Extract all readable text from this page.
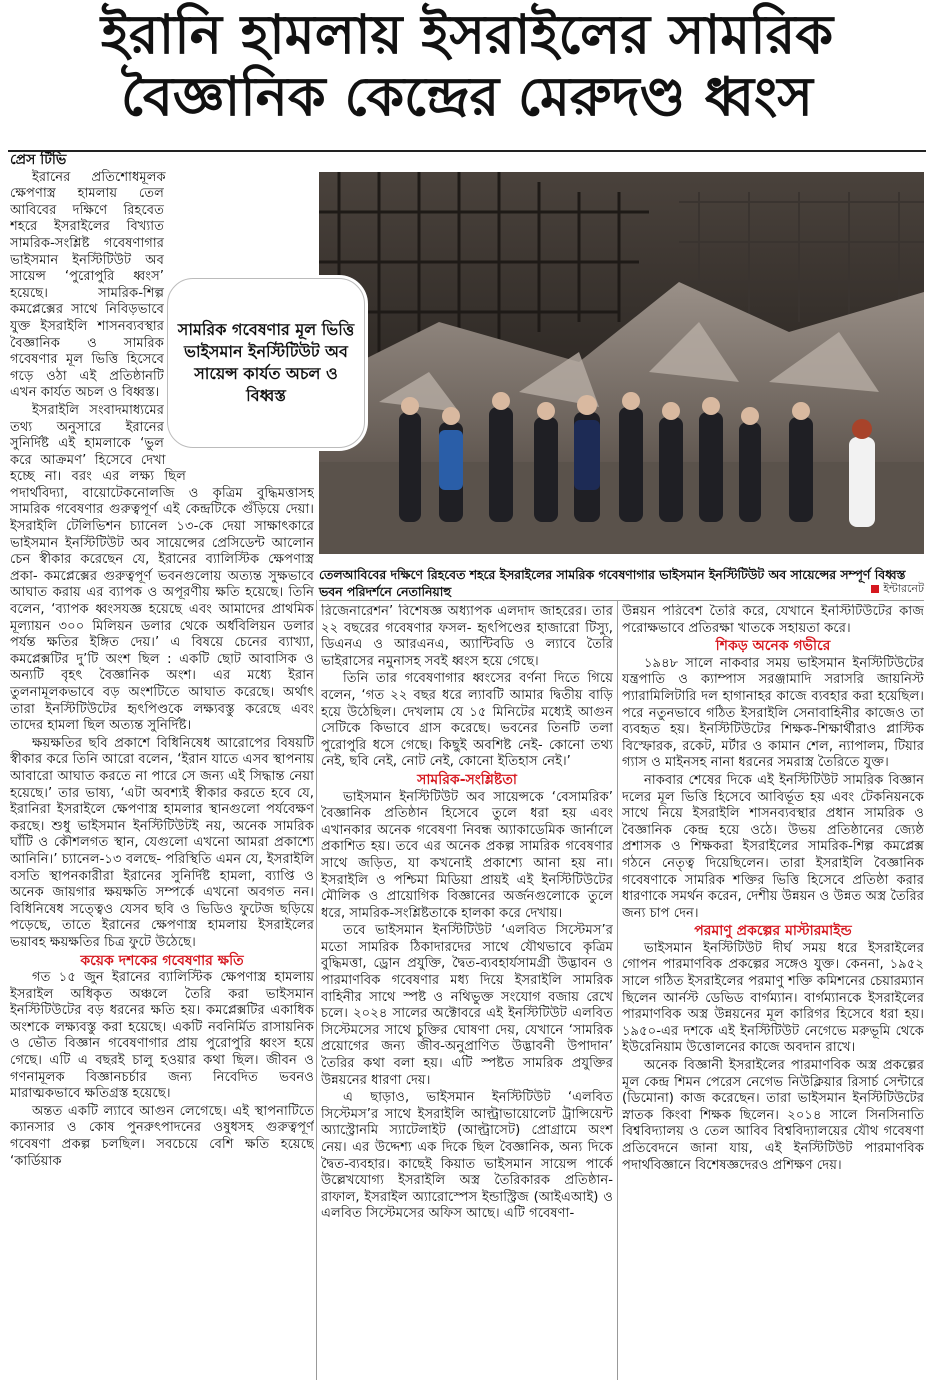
ইরানি হামলায় ইসরাইলের সামরিক
বৈজ্ঞানিক কেন্দ্রের মেরুদণ্ড ধ্বংস

প্রেস টিভি

ইরানের প্রতিশোধমূলক ক্ষেপণাস্ত্র হামলায় তেল আবিবের দক্ষিণে রিহবেত শহরে ইসরাইলের বিখ্যাত সামরিক-সংশ্লিষ্ট গবেষণাগার ভাইসমান ইনস্টিটিউট অব সায়েন্স ‘পুরোপুরি ধ্বংস’ হয়েছে। সামরিক-শিল্প কমপ্লেক্সের সাথে নিবিড়ভাবে যুক্ত ইসরাইলি শাসনব্যবস্থার বৈজ্ঞানিক ও সামরিক গবেষণার মূল ভিত্তি হিসেবে গড়ে ওঠা এই প্রতিষ্ঠানটি এখন কার্যত অচল ও বিধ্বস্ত।

ইসরাইলি সংবাদমাধ্যমের তথ্য অনুসারে ইরানের সুনির্দিষ্ট এই হামলাকে ‘ভুল করে আক্রমণ’ হিসেবে দেখা হচ্ছে না। বরং এর লক্ষ্য ছিল পদার্থবিদ্যা, বায়োটেকনোলজি ও কৃত্রিম বুদ্ধিমত্তাসহ সামরিক গবেষণার গুরুত্বপূর্ণ এই কেন্দ্রটিকে গুঁড়িয়ে দেয়া। ইসরাইলি টেলিভিশন চ্যানেল ১৩-কে দেয়া সাক্ষাৎকারে ভাইসমান ইনস্টিটিউট অব সায়েন্সের প্রেসিডেন্ট আলোন চেন স্বীকার করেছেন যে, ইরানের ব্যালিস্টিক ক্ষেপণাস্ত্র প্রকা- কমপ্লেক্সের গুরুত্বপূর্ণ ভবনগুলোয় অত্যন্ত সুক্ষভাবে আঘাত করায় এর ব্যাপক ও অপূরণীয় ক্ষতি হয়েছে। তিনি বলেন, ‘ব্যাপক ধ্বংসযজ্ঞ হয়েছে এবং আমাদের প্রাথমিক মূল্যায়ন ৩০০ মিলিয়ন ডলার থেকে অর্ধবিলিয়ন ডলার পর্যন্ত ক্ষতির ইঙ্গিত দেয়।’ এ বিষয়ে চেনের ব্যাখ্যা, কমপ্লেক্সটির দু’টি অংশ ছিল : একটি ছোট আবাসিক ও অন্যটি বৃহৎ বৈজ্ঞানিক অংশ। এর মধ্যে ইরান তুলনামূলকভাবে বড় অংশটিতে আঘাত করেছে। অর্থাৎ তারা ইনস্টিটিউটের হৃৎপিণ্ডকে লক্ষ্যবস্তু করেছে এবং তাদের হামলা ছিল অত্যন্ত সুনির্দিষ্ট।

ক্ষয়ক্ষতির ছবি প্রকাশে বিধিনিষেধ আরোপের বিষয়টি স্বীকার করে তিনি আরো বলেন, ‘ইরান যাতে এসব স্থাপনায় আবারো আঘাত করতে না পারে সে জন্য এই সিদ্ধান্ত নেয়া হয়েছে।’ তার ভাষ্য, ‘এটা অবশ্যই স্বীকার করতে হবে যে, ইরানিরা ইসরাইলে ক্ষেপণাস্ত্র হামলার স্থানগুলো পর্যবেক্ষণ করছে। শুধু ভাইসমান ইনস্টিটিউটই নয়, অনেক সামরিক ঘাঁটি ও কৌশলগত স্থান, যেগুলো এখনো আমরা প্রকাশ্যে আনিনি।’ চ্যানেল-১৩ বলছে- পরিস্থিতি এমন যে, ইসরাইলি বসতি স্থাপনকারীরা ইরানের সুনির্দিষ্ট হামলা, ব্যাপ্তি ও অনেক জায়গার ক্ষয়ক্ষতি সম্পর্কে এখনো অবগত নন। বিধিনিষেধ সত্ত্বেও যেসব ছবি ও ভিডিও ফুটেজ ছড়িয়ে পড়েছে, তাতে ইরানের ক্ষেপণাস্ত্র হামলায় ইসরাইলের ভয়াবহ ক্ষয়ক্ষতির চিত্র ফুটে উঠেছে।

কয়েক দশকের গবেষণার ক্ষতি

গত ১৫ জুন ইরানের ব্যালিস্টিক ক্ষেপণাস্ত্র হামলায় ইসরাইল অধিকৃত অঞ্চলে তৈরি করা ভাইসমান ইনস্টিটিউটের বড় ধরনের ক্ষতি হয়। কমপ্লেক্সটির একাধিক অংশকে লক্ষ্যবস্তু করা হয়েছে। একটি নবনির্মিত রাসায়নিক ও ভৌত বিজ্ঞান গবেষণাগার প্রায় পুরোপুরি ধ্বংস হয়ে গেছে। এটি এ বছরই চালু হওয়ার কথা ছিল। জীবন ও গণনামূলক বিজ্ঞানচর্চার জন্য নিবেদিত ভবনও মারাত্মকভাবে ক্ষতিগ্রস্ত হয়েছে।

অন্তত একটি ল্যাবে আগুন লেগেছে। এই স্থাপনাটিতে ক্যানসার ও কোষ পুনরুৎপাদনের ওষুধসহ গুরুত্বপূর্ণ গবেষণা প্রকল্প চলছিল। সবচেয়ে বেশি ক্ষতি হয়েছে ‘কার্ডিয়াক

সামরিক গবেষণার মূল ভিত্তি ভাইসমান ইনস্টিটিউট অব সায়েন্স কার্যত অচল ও বিধ্বস্ত
তেলআবিবের দক্ষিণে রিহবেত শহরে ইসরাইলের সামরিক গবেষণাগার ভাইসমান ইনস্টিটিউট অব সায়েন্সের সম্পূর্ণ বিধ্বস্ত ভবন পরিদর্শনে নেতানিয়াহু	ইন্টারনেট

রিজেনারেশন’ বিশেষজ্ঞ অধ্যাপক এলদাদ জাহরের। তার ২২ বছরের গবেষণার ফসল- হৃৎপিণ্ডের হাজারো টিস্যু, ডিএনএ ও আরএনএ, অ্যান্টিবডি ও ল্যাবে তৈরি ভাইরাসের নমুনাসহ সবই ধ্বংস হয়ে গেছে।

তিনি তার গবেষণাগার ধ্বংসের বর্ণনা দিতে গিয়ে বলেন, ‘গত ২২ বছর ধরে ল্যাবটি আমার দ্বিতীয় বাড়ি হয়ে উঠেছিল। দেখলাম যে ১৫ মিনিটের মধ্যেই আগুন সেটিকে কিভাবে গ্রাস করেছে। ভবনের তিনটি তলা পুরোপুরি ধসে গেছে। কিছুই অবশিষ্ট নেই- কোনো তথ্য নেই, ছবি নেই, নোট নেই, কোনো ইতিহাস নেই।’

সামরিক-সংশ্লিষ্টতা

ভাইসমান ইনস্টিটিউট অব সায়েন্সকে ‘বেসামরিক’ বৈজ্ঞানিক প্রতিষ্ঠান হিসেবে তুলে ধরা হয় এবং এখানকার অনেক গবেষণা নিবন্ধ অ্যাকাডেমিক জার্নালে প্রকাশিত হয়। তবে এর অনেক প্রকল্প সামরিক গবেষণার সাথে জড়িত, যা কখনোই প্রকাশ্যে আনা হয় না। ইসরাইলি ও পশ্চিমা মিডিয়া প্রায়ই এই ইনস্টিটিউটের মৌলিক ও প্রায়োগিক বিজ্ঞানের অর্জনগুলোকে তুলে ধরে, সামরিক-সংশ্লিষ্টতাকে হালকা করে দেখায়।

তবে ভাইসমান ইনস্টিটিউট ‘এলবিত সিস্টেমস’র মতো সামরিক ঠিকাদারদের সাথে যৌথভাবে কৃত্রিম বুদ্ধিমত্তা, ড্রোন প্রযুক্তি, দ্বৈত-ব্যবহার্যসামগ্রী উদ্ভাবন ও পারমাণবিক গবেষণার মধ্য দিয়ে ইসরাইলি সামরিক বাহিনীর সাথে স্পষ্ট ও নথিভুক্ত সংযোগ বজায় রেখে চলে। ২০২৪ সালের অক্টোবরে এই ইনস্টিটিউট এলবিত সিস্টেমসের সাথে চুক্তির ঘোষণা দেয়, যেখানে ‘সামরিক প্রয়োগের জন্য জীব-অনুপ্রাণিত উদ্ভাবনী উপাদান’ তৈরির কথা বলা হয়। এটি স্পষ্টত সামরিক প্রযুক্তির উন্নয়নের ধারণা দেয়।

এ ছাড়াও, ভাইসমান ইনস্টিটিউট ‘এলবিত সিস্টেমস’র সাথে ইসরাইলি আল্ট্রাভায়োলেট ট্রান্সিয়েন্ট অ্যাস্ট্রোনমি স্যাটেলাইট (আল্ট্রাসেট) প্রোগ্রামে অংশ নেয়। এর উদ্দেশ্য এক দিকে ছিল বৈজ্ঞানিক, অন্য দিকে দ্বৈত-ব্যবহার। কাছেই কিয়াত ভাইসমান সায়েন্স পার্কে উল্লেখযোগ্য ইসরাইলি অস্ত্র তৈরিকারক প্রতিষ্ঠান- রাফাল, ইসরাইল অ্যারোস্পেস ইন্ডাস্ট্রিজ (আইএআই) ও এলবিত সিস্টেমসের অফিস আছে। এটি গবেষণা-

উন্নয়ন পরিবেশ তৈরি করে, যেখানে ইনস্টিটিউটের কাজ পরোক্ষভাবে প্রতিরক্ষা খাতকে সহায়তা করে।

শিকড় অনেক গভীরে

১৯৪৮ সালে নাকবার সময় ভাইসমান ইনস্টিটিউটের যন্ত্রপাতি ও ক্যাম্পাস সরঞ্জামাদি সরাসরি জায়নিস্ট প্যারামিলিটারি দল হাগানাহর কাজে ব্যবহার করা হয়েছিল। পরে নতুনভাবে গঠিত ইসরাইলি সেনাবাহিনীর কাজেও তা ব্যবহৃত হয়। ইনস্টিটিউটের শিক্ষক-শিক্ষার্থীরাও প্লাস্টিক বিস্ফোরক, রকেট, মর্টার ও কামান শেল, ন্যাপালম, টিয়ার গ্যাস ও মাইনসহ নানা ধরনের সমরাস্ত্র তৈরিতে যুক্ত।

নাকবার শেষের দিকে এই ইনস্টিটিউট সামরিক বিজ্ঞান দলের মূল ভিত্তি হিসেবে আবির্ভূত হয় এবং টেকনিয়নকে সাথে নিয়ে ইসরাইলি শাসনব্যবস্থার প্রধান সামরিক ও বৈজ্ঞানিক কেন্দ্র হয়ে ওঠে। উভয় প্রতিষ্ঠানের জ্যেষ্ঠ প্রশাসক ও শিক্ষকরা ইসরাইলের সামরিক-শিল্প কমপ্লেক্স গঠনে নেতৃত্ব দিয়েছিলেন। তারা ইসরাইলি বৈজ্ঞানিক গবেষণাকে সামরিক শক্তির ভিত্তি হিসেবে প্রতিষ্ঠা করার ধারণাকে সমর্থন করেন, দেশীয় উন্নয়ন ও উন্নত অস্ত্র তৈরির জন্য চাপ দেন।

পরমাণু প্রকল্পের মাস্টারমাইন্ড

ভাইসমান ইনস্টিটিউট দীর্ঘ সময় ধরে ইসরাইলের গোপন পারমাণবিক প্রকল্পের সঙ্গেও যুক্ত। কেননা, ১৯৫২ সালে গঠিত ইসরাইলের পরমাণু শক্তি কমিশনের চেয়ারম্যান ছিলেন আর্নস্ট ডেভিড বার্গম্যান। বার্গম্যানকে ইসরাইলের পারমাণবিক অস্ত্র উন্নয়নের মূল কারিগর হিসেবে ধরা হয়। ১৯৫০-এর দশকে এই ইনস্টিটিউট নেগেভে মরুভূমি থেকে ইউরেনিয়াম উত্তোলনের কাজে অবদান রাখে।

অনেক বিজ্ঞানী ইসরাইলের পারমাণবিক অস্ত্র প্রকল্পের মূল কেন্দ্র শিমন পেরেস নেগেভ নিউক্লিয়ার রিসার্চ সেন্টারে (ডিমোনা) কাজ করেছেন। তারা ভাইসমান ইনস্টিটিউটের স্নাতক কিংবা শিক্ষক ছিলেন। ২০১৪ সালে সিনসিনাতি বিশ্ববিদ্যালয় ও তেল আবিব বিশ্ববিদ্যালয়ের যৌথ গবেষণা প্রতিবেদনে জানা যায়, এই ইনস্টিটিউট পারমাণবিক পদার্থবিজ্ঞানে বিশেষজ্ঞদেরও প্রশিক্ষণ দেয়।
